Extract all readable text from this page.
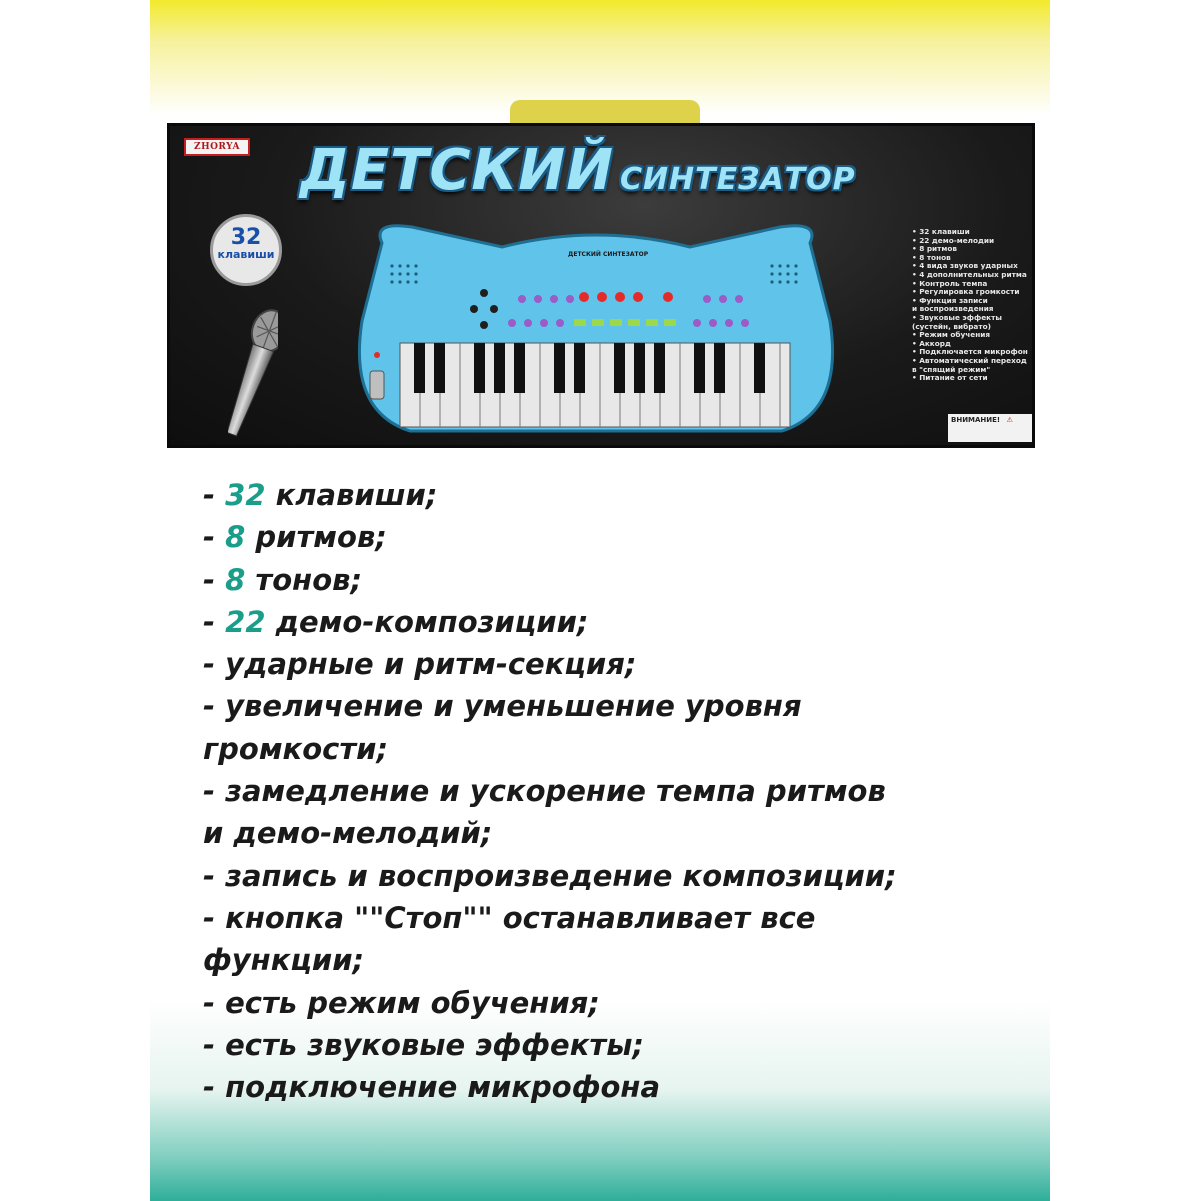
ZHORYA ДЕТСКИЙ СИНТЕЗАТОР
32
клавиши	ДЕТСКИЙ СИНТЕЗАТОР
• 32 клавиши
• 22 демо-мелодии
• 8 ритмов
• 8 тонов
• 4 вида звуков ударных
• 4 дополнительных ритма
• Контроль темпа
• Регулировка громкости
• Функция записи
и воспроизведения
• Звуковые эффекты
(сустейн, вибрато)
• Режим обучения
• Аккорд
• Подключается микрофон
• Автоматический переход
в "спящий режим"
• Питание от сети
ВНИМАНИЕ! ⚠
- 32 клавиши;
- 8 ритмов;
- 8 тонов;
- 22 демо-композиции;
- ударные и ритм-секция;
- увеличение и уменьшение уровня
громкости;
- замедление и ускорение темпа ритмов
и демо-мелодий;
- запись и воспроизведение композиции;
- кнопка ""Стоп"" останавливает все
функции;
- есть режим обучения;
- есть звуковые эффекты;
- подключение микрофона
